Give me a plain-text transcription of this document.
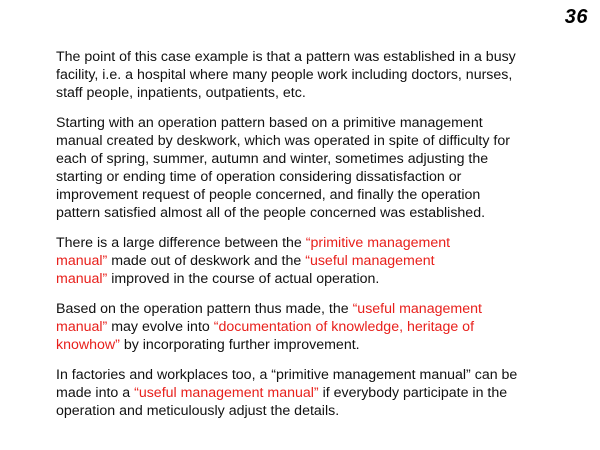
36

The point of this case example is that a pattern was established in a busy
facility, i.e. a hospital where many people work including doctors, nurses,
staff people, inpatients, outpatients, etc.

Starting with an operation pattern based on a primitive management
manual created by deskwork, which was operated in spite of difficulty for
each of spring, summer, autumn and winter, sometimes adjusting the
starting or ending time of operation considering dissatisfaction or
improvement request of people concerned, and finally the operation
pattern satisfied almost all of the people concerned was established.

There is a large difference between the “primitive management
manual” made out of deskwork and the “useful management
manual” improved in the course of actual operation.

Based on the operation pattern thus made, the “useful management
manual” may evolve into “documentation of knowledge, heritage of
knowhow” by incorporating further improvement.

In factories and workplaces too, a “primitive management manual” can be
made into a “useful management manual” if everybody participate in the
operation and meticulously adjust the details.
